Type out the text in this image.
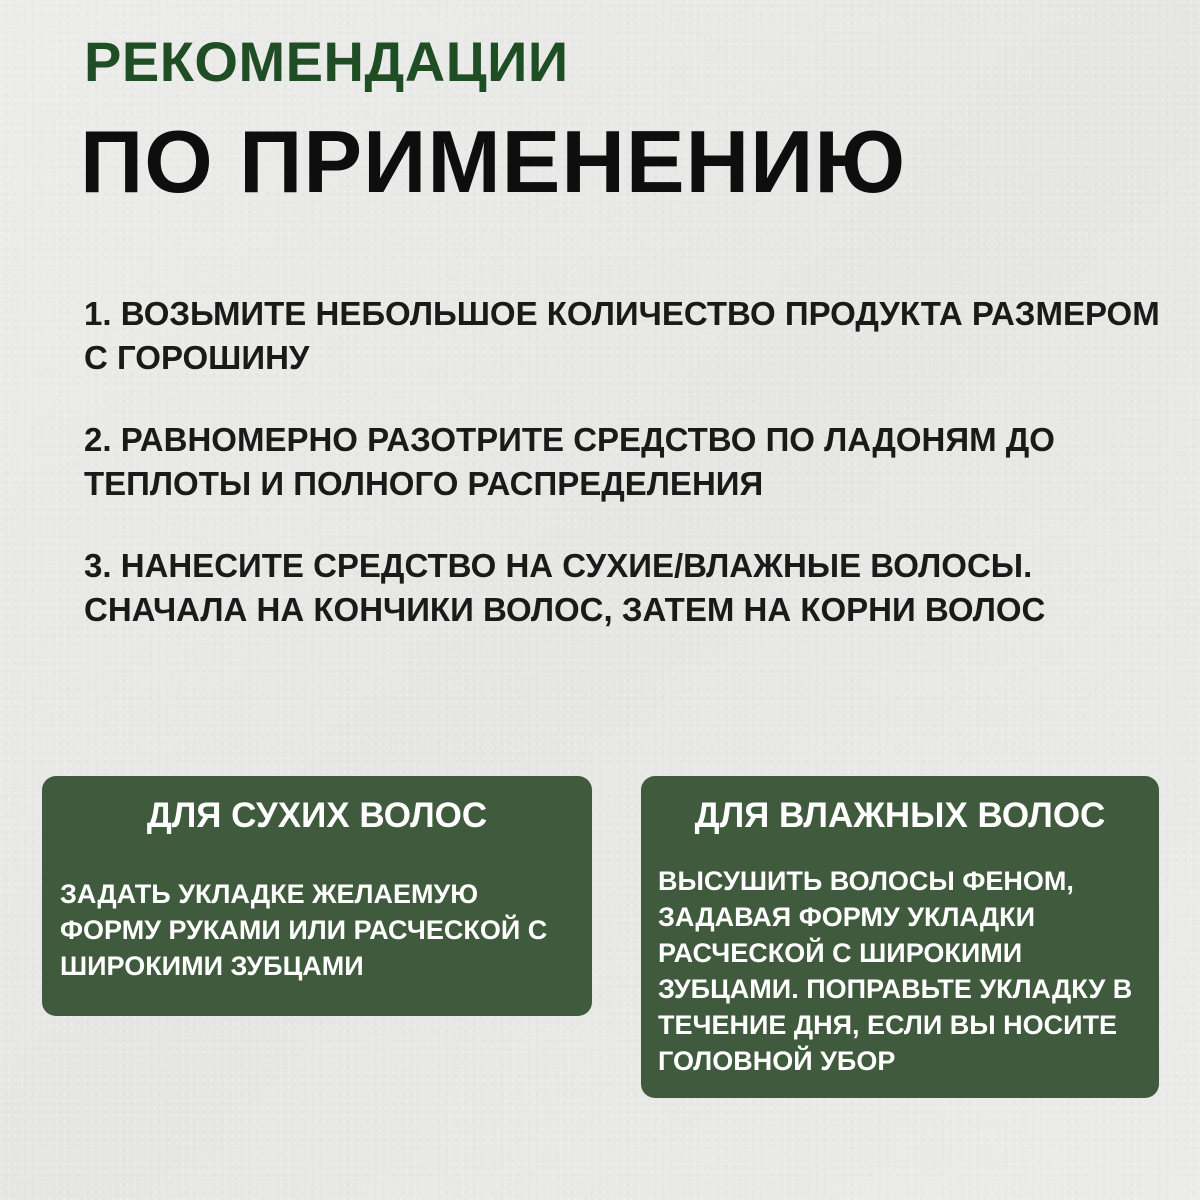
РЕКОМЕНДАЦИИ
ПО ПРИМЕНЕНИЮ

1. ВОЗЬМИТЕ НЕБОЛЬШОЕ КОЛИЧЕСТВО ПРОДУКТА РАЗМЕРОМ С ГОРОШИНУ

2. РАВНОМЕРНО РАЗОТРИТЕ СРЕДСТВО ПО ЛАДОНЯМ ДО ТЕПЛОТЫ И ПОЛНОГО РАСПРЕДЕЛЕНИЯ

3. НАНЕСИТЕ СРЕДСТВО НА СУХИЕ/ВЛАЖНЫЕ ВОЛОСЫ. СНАЧАЛА НА КОНЧИКИ ВОЛОС, ЗАТЕМ НА КОРНИ ВОЛОС

ДЛЯ СУХИХ ВОЛОС
ЗАДАТЬ УКЛАДКЕ ЖЕЛАЕМУЮ ФОРМУ РУКАМИ ИЛИ РАСЧЕСКОЙ С ШИРОКИМИ ЗУБЦАМИ
ДЛЯ ВЛАЖНЫХ ВОЛОС
ВЫСУШИТЬ ВОЛОСЫ ФЕНОМ, ЗАДАВАЯ ФОРМУ УКЛАДКИ РАСЧЕСКОЙ С ШИРОКИМИ ЗУБЦАМИ. ПОПРАВЬТЕ УКЛАДКУ В ТЕЧЕНИЕ ДНЯ, ЕСЛИ ВЫ НОСИТЕ ГОЛОВНОЙ УБОР
